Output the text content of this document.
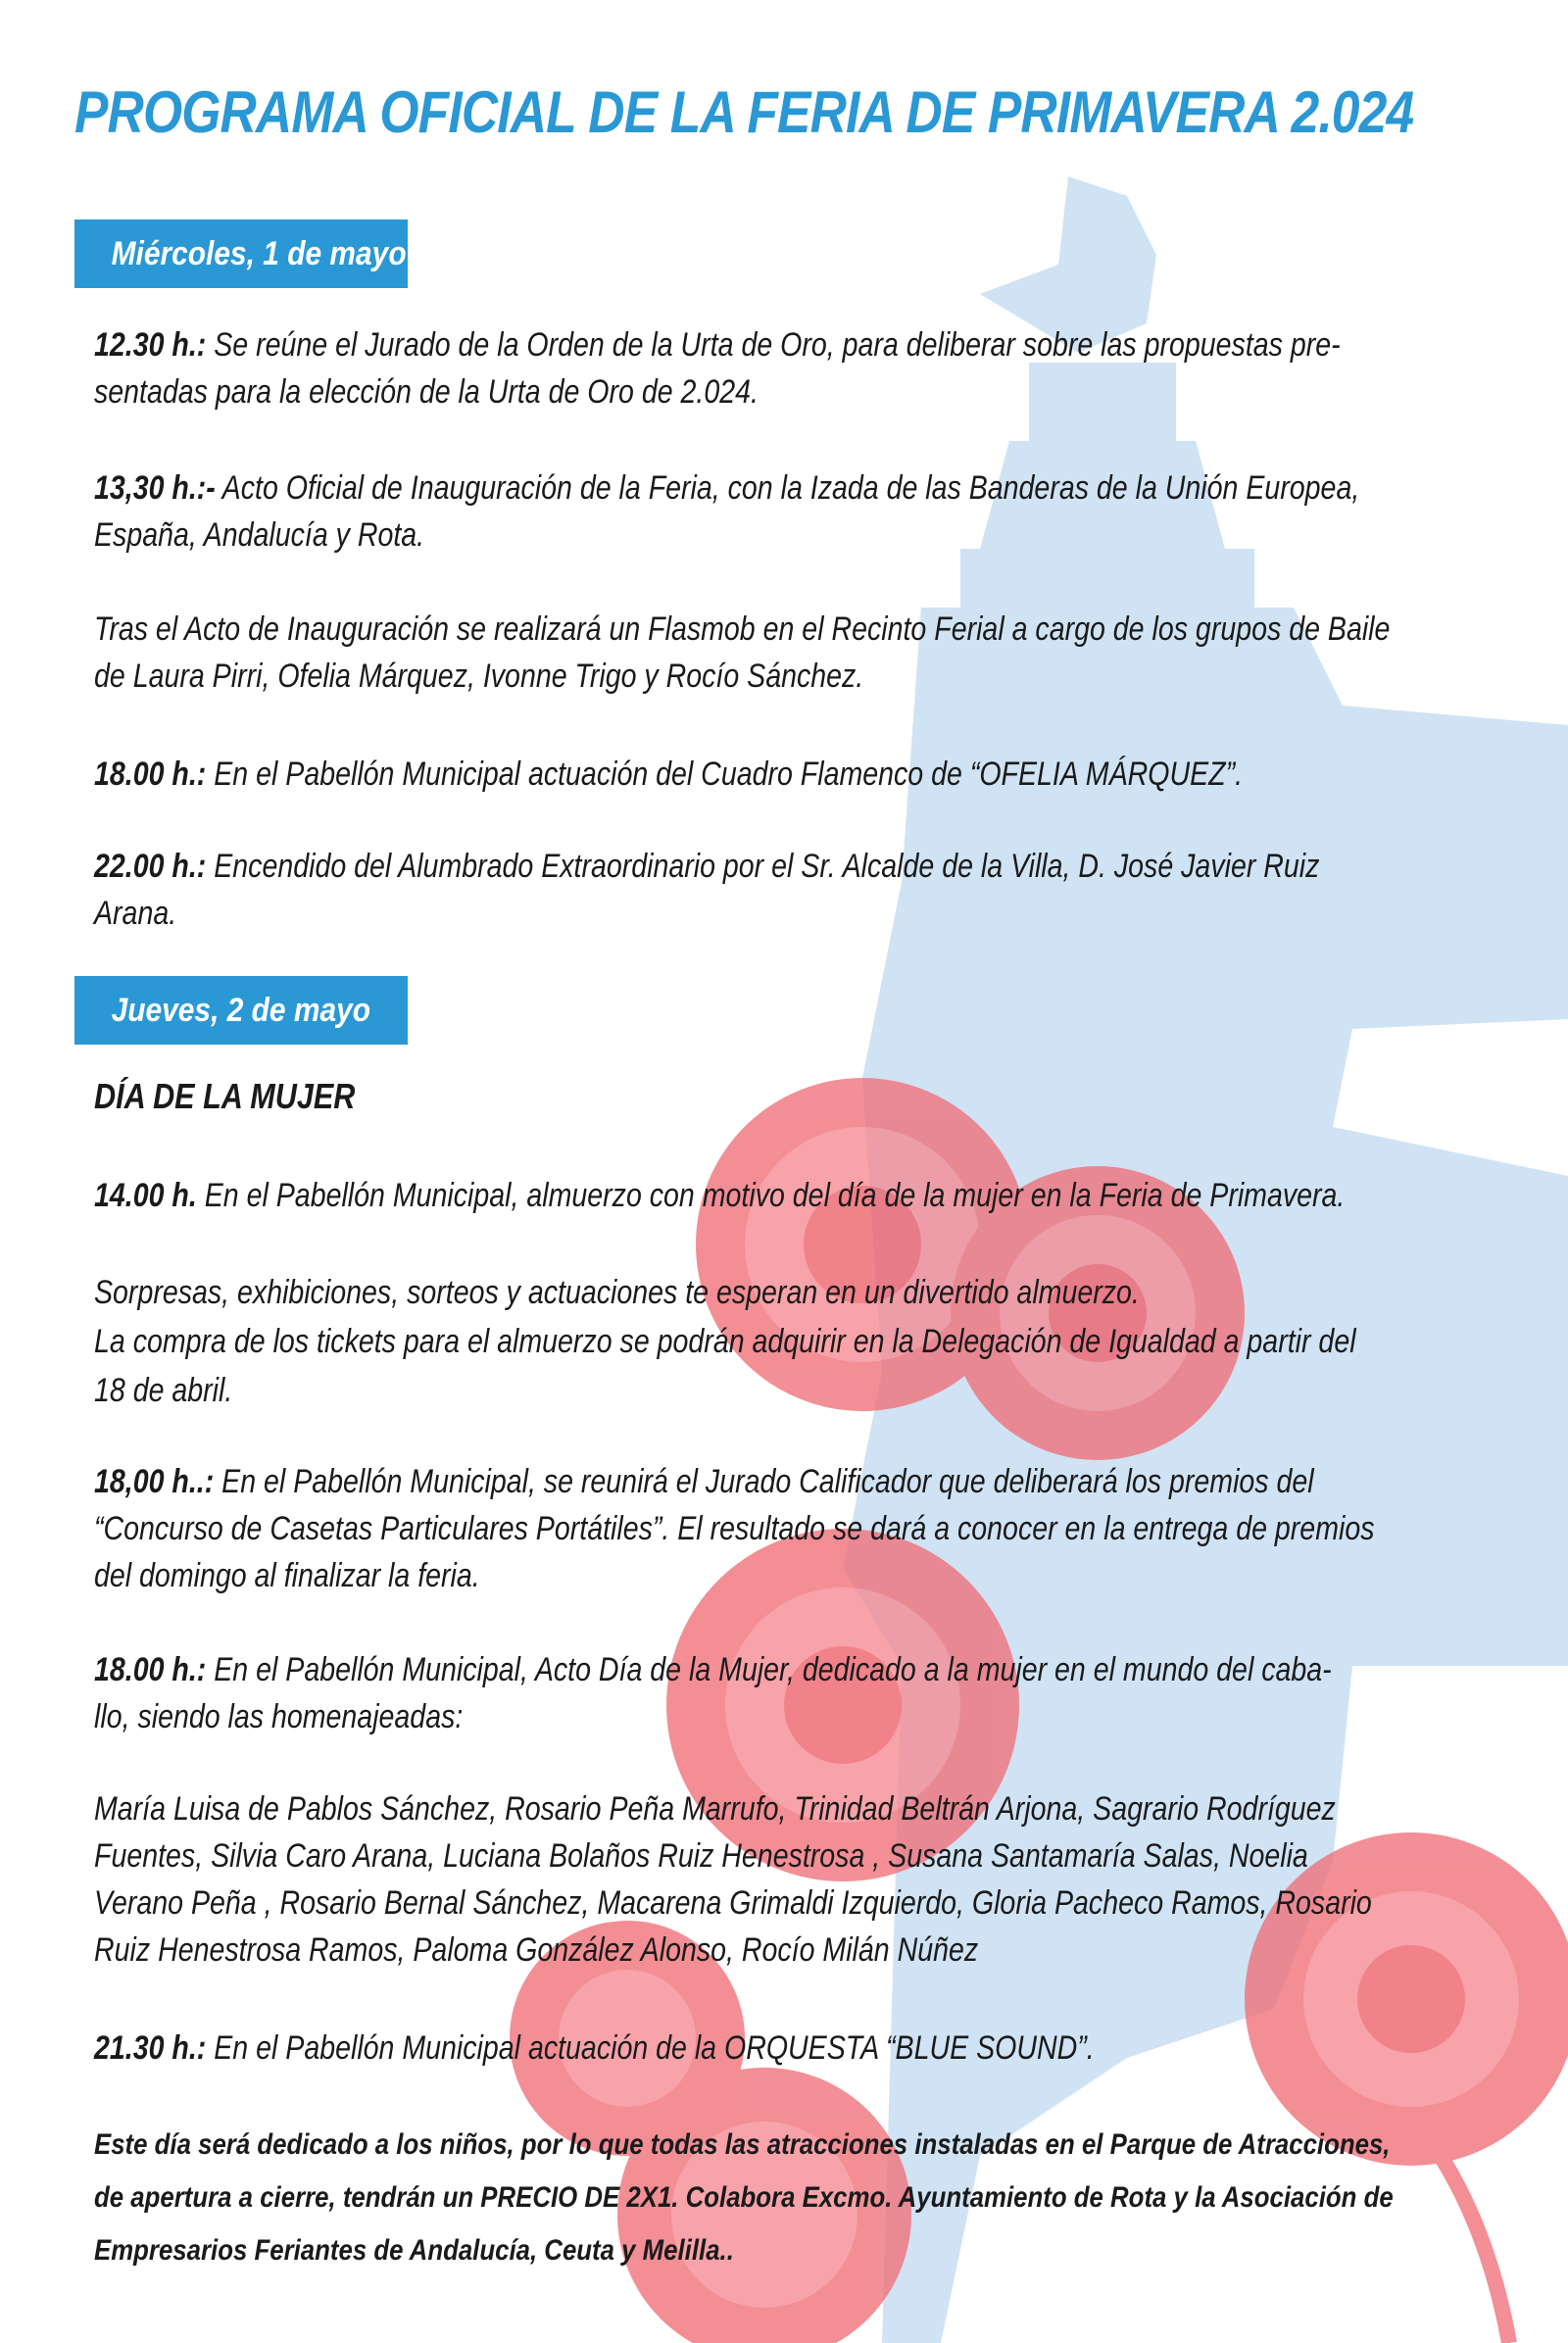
PROGRAMA OFICIAL DE LA FERIA DE PRIMAVERA 2.024
Miércoles, 1 de mayo

12.30 h.: Se reúne el Jurado de la Orden de la Urta de Oro, para deliberar sobre las propuestas pre-
sentadas para la elección de la Urta de Oro de 2.024.

13,30 h.:- Acto Oficial de Inauguración de la Feria, con la Izada de las Banderas de la Unión Europea,
España, Andalucía y Rota.

Tras el Acto de Inauguración se realizará un Flasmob en el Recinto Ferial a cargo de los grupos de Baile
de Laura Pirri, Ofelia Márquez, Ivonne Trigo y Rocío Sánchez.

18.00 h.: En el Pabellón Municipal actuación del Cuadro Flamenco de “OFELIA MÁRQUEZ”.

22.00 h.: Encendido del Alumbrado Extraordinario por el Sr. Alcalde de la Villa, D. José Javier Ruiz
Arana.

Jueves, 2 de mayo

DÍA DE LA MUJER

14.00 h. En el Pabellón Municipal, almuerzo con motivo del día de la mujer en la Feria de Primavera.

Sorpresas, exhibiciones, sorteos y actuaciones te esperan en un divertido almuerzo.
La compra de los tickets para el almuerzo se podrán adquirir en la Delegación de Igualdad a partir del
18 de abril.

18,00 h..: En el Pabellón Municipal, se reunirá el Jurado Calificador que deliberará los premios del
“Concurso de Casetas Particulares Portátiles”. El resultado se dará a conocer en la entrega de premios
del domingo al finalizar la feria.

18.00 h.: En el Pabellón Municipal, Acto Día de la Mujer, dedicado a la mujer en el mundo del caba-
llo, siendo las homenajeadas:

María Luisa de Pablos Sánchez, Rosario Peña Marrufo, Trinidad Beltrán Arjona, Sagrario Rodríguez
Fuentes, Silvia Caro Arana, Luciana Bolaños Ruiz Henestrosa , Susana Santamaría Salas, Noelia
Verano Peña , Rosario Bernal Sánchez, Macarena Grimaldi Izquierdo, Gloria Pacheco Ramos, Rosario
Ruiz Henestrosa Ramos, Paloma González Alonso, Rocío Milán Núñez

21.30 h.: En el Pabellón Municipal actuación de la ORQUESTA “BLUE SOUND”.

Este día será dedicado a los niños, por lo que todas las atracciones instaladas en el Parque de Atracciones,
de apertura a cierre, tendrán un PRECIO DE 2X1. Colabora Excmo. Ayuntamiento de Rota y la Asociación de
Empresarios Feriantes de Andalucía, Ceuta y Melilla..
